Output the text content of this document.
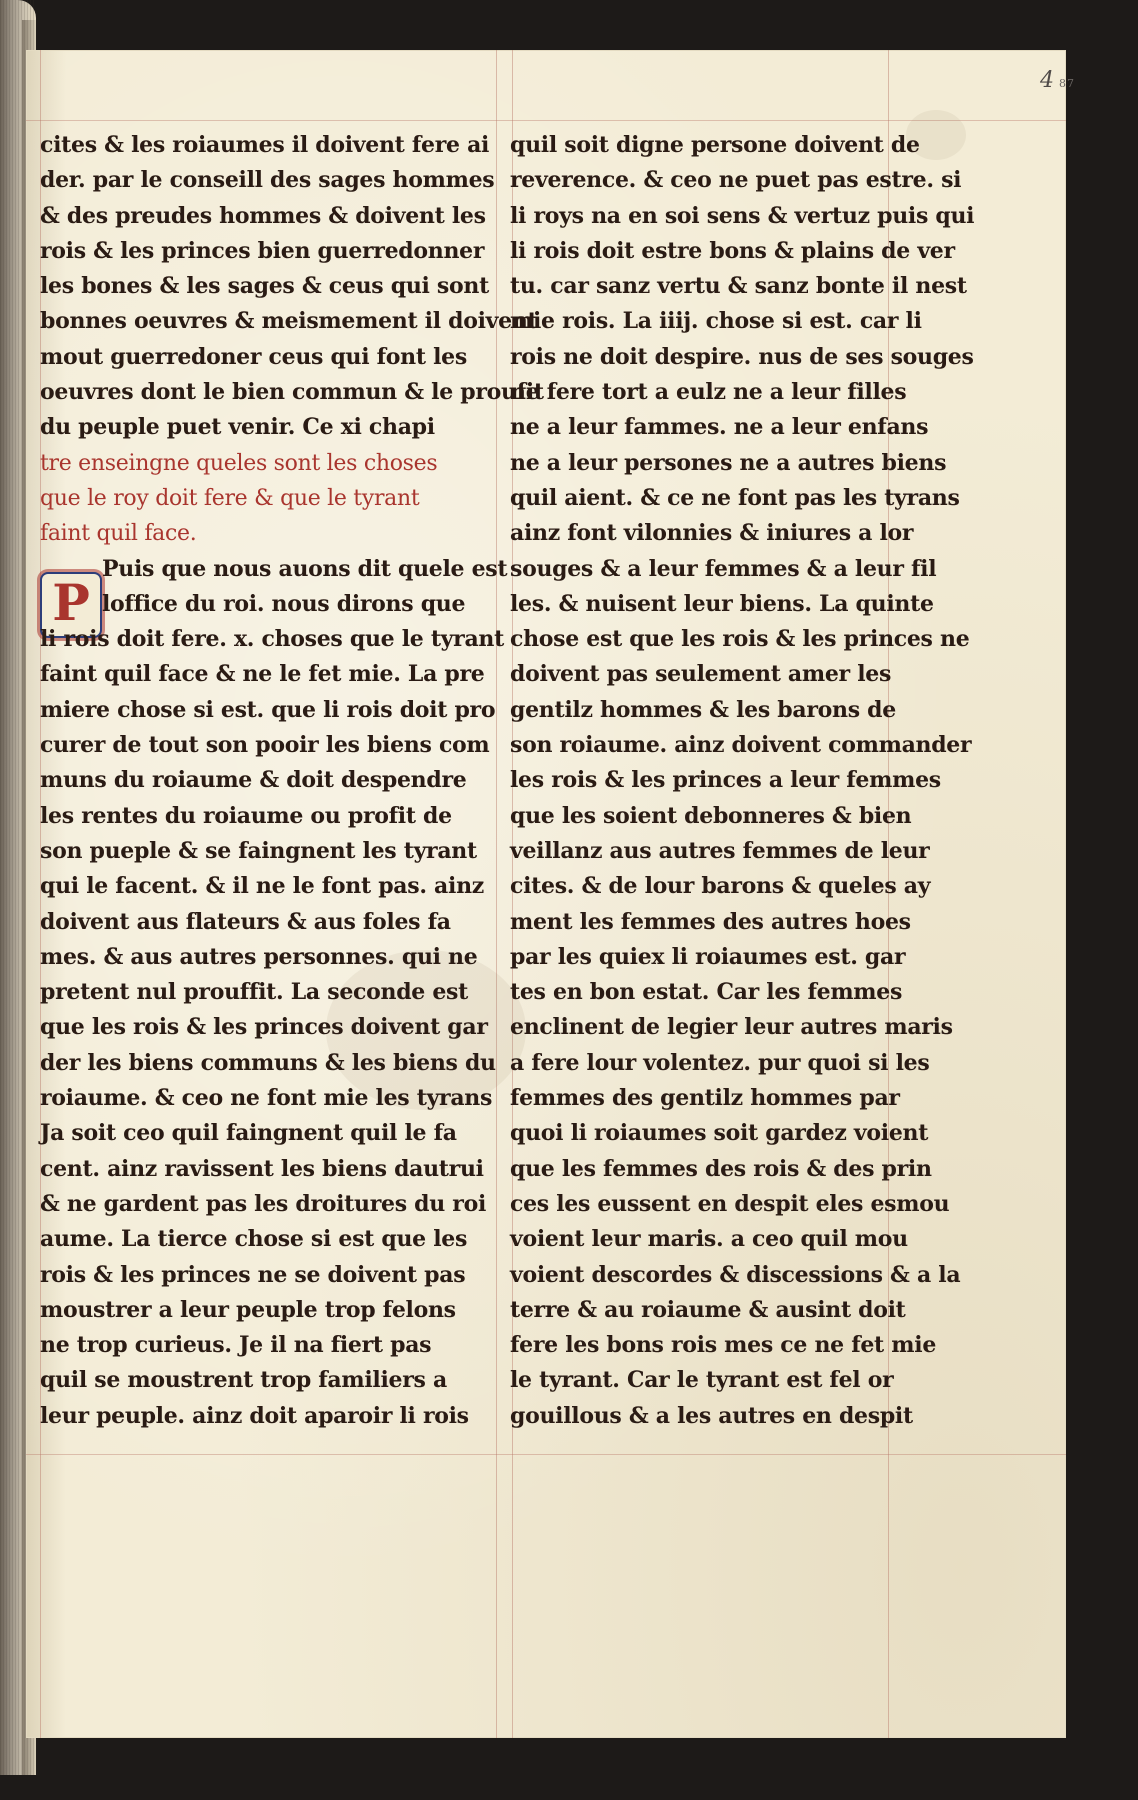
4 87
P
cites & les roiaumes il doivent fere ai
der. par le conseill des sages hommes
& des preudes hommes & doivent les
rois & les princes bien guerredonner
les bones & les sages & ceus qui sont
bonnes oeuvres & meismement il doivent
mout guerredoner ceus qui font les
oeuvres dont le bien commun & le proufit
du peuple puet venir. Ce xi chapi
tre enseingne queles sont les choses
que le roy doit fere & que le tyrant
faint quil face.
Puis que nous auons dit quele est
loffice du roi. nous dirons que
li rois doit fere. x. choses que le tyrant
faint quil face & ne le fet mie. La pre
miere chose si est. que li rois doit pro
curer de tout son pooir les biens com
muns du roiaume & doit despendre
les rentes du roiaume ou profit de
son pueple & se faingnent les tyrant
qui le facent. & il ne le font pas. ainz
doivent aus flateurs & aus foles fa
mes. & aus autres personnes. qui ne
pretent nul prouffit. La seconde est
que les rois & les princes doivent gar
der les biens communs & les biens du
roiaume. & ceo ne font mie les tyrans
Ja soit ceo quil faingnent quil le fa
cent. ainz ravissent les biens dautrui
& ne gardent pas les droitures du roi
aume. La tierce chose si est que les
rois & les princes ne se doivent pas
moustrer a leur peuple trop felons
ne trop curieus. Je il na fiert pas
quil se moustrent trop familiers a
leur peuple. ainz doit aparoir li rois
quil soit digne persone doivent de
reverence. & ceo ne puet pas estre. si
li roys na en soi sens & vertuz puis qui
li rois doit estre bons & plains de ver
tu. car sanz vertu & sanz bonte il nest
mie rois. La iiij. chose si est. car li
rois ne doit despire. nus de ses souges
ne fere tort a eulz ne a leur filles
ne a leur fammes. ne a leur enfans
ne a leur persones ne a autres biens
quil aient. & ce ne font pas les tyrans
ainz font vilonnies & iniures a lor
souges & a leur femmes & a leur fil
les. & nuisent leur biens. La quinte
chose est que les rois & les princes ne
doivent pas seulement amer les
gentilz hommes & les barons de
son roiaume. ainz doivent commander
les rois & les princes a leur femmes
que les soient debonneres & bien
veillanz aus autres femmes de leur
cites. & de lour barons & queles ay
ment les femmes des autres hoes
par les quiex li roiaumes est. gar
tes en bon estat. Car les femmes
enclinent de legier leur autres maris
a fere lour volentez. pur quoi si les
femmes des gentilz hommes par
quoi li roiaumes soit gardez voient
que les femmes des rois & des prin
ces les eussent en despit eles esmou
voient leur maris. a ceo quil mou
voient descordes & discessions & a la
terre & au roiaume & ausint doit
fere les bons rois mes ce ne fet mie
le tyrant. Car le tyrant est fel or
gouillous & a les autres en despit
